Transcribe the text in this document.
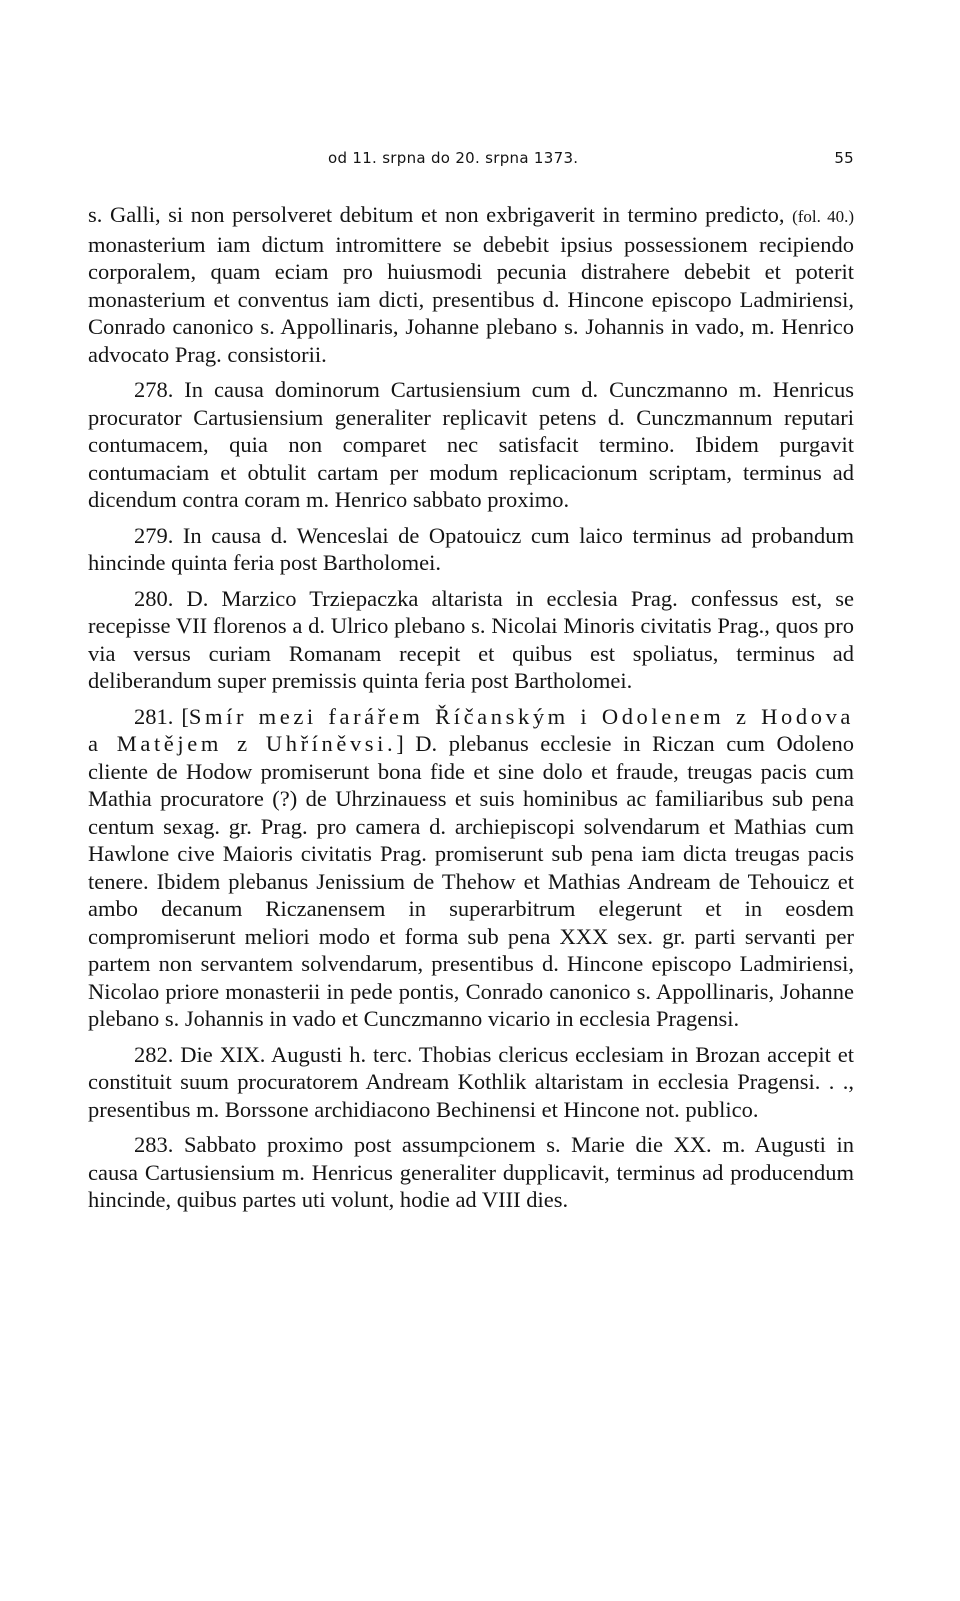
od 11. srpna do 20. srpna 1373.	55

s. Galli, si non persolveret debitum et non exbrigaverit in termino predicto, (fol. 40.) monasterium iam dictum intromittere se debebit ipsius possessionem recipiendo corporalem, quam eciam pro huiusmodi pecunia distrahere debebit et poterit monasterium et conventus iam dicti, presentibus d. Hincone episcopo Ladmiriensi, Conrado canonico s. Appollinaris, Johanne plebano s. Johannis in vado, m. Henrico advocato Prag. consistorii.

278. In causa dominorum Cartusiensium cum d. Cunczmanno m. Henricus procurator Cartusiensium generaliter replicavit petens d. Cunczmannum reputari contumacem, quia non comparet nec satisfacit termino. Ibidem purgavit contumaciam et obtulit cartam per modum replicacionum scriptam, terminus ad dicendum contra coram m. Henrico sabbato proximo.

279. In causa d. Wenceslai de Opatouicz cum laico terminus ad probandum hincinde quinta feria post Bartholomei.

280. D. Marzico Trziepaczka altarista in ecclesia Prag. confessus est, se recepisse VII florenos a d. Ulrico plebano s. Nicolai Minoris civitatis Prag., quos pro via versus curiam Romanam recepit et quibus est spoliatus, terminus ad deliberandum super premissis quinta feria post Bartholomei.

281. [Smír mezi farářem Říčanským i Odolenem z Hodova a Matějem z Uhříněvsi.] D. plebanus ecclesie in Riczan cum Odoleno cliente de Hodow promiserunt bona fide et sine dolo et fraude, treugas pacis cum Mathia procuratore (?) de Uhrzinauess et suis hominibus ac familiaribus sub pena centum sexag. gr. Prag. pro camera d. archiepiscopi solvendarum et Mathias cum Hawlone cive Maioris civitatis Prag. promiserunt sub pena iam dicta treugas pacis tenere. Ibidem plebanus Jenissium de Thehow et Mathias Andream de Tehouicz et ambo decanum Riczanensem in superarbitrum elegerunt et in eosdem compromiserunt meliori modo et forma sub pena XXX sex. gr. parti servanti per partem non servantem solvendarum, presentibus d. Hincone episcopo Ladmiriensi, Nicolao priore monasterii in pede pontis, Conrado canonico s. Appollinaris, Johanne plebano s. Johannis in vado et Cunczmanno vicario in ecclesia Pragensi.

282. Die XIX. Augusti h. terc. Thobias clericus ecclesiam in Brozan accepit et constituit suum procuratorem Andream Kothlik altaristam in ecclesia Pragensi. . ., presentibus m. Borssone archidiacono Bechinensi et Hincone not. publico.

283. Sabbato proximo post assumpcionem s. Marie die XX. m. Augusti in causa Cartusiensium m. Henricus generaliter dupplicavit, terminus ad producendum hincinde, quibus partes uti volunt, hodie ad VIII dies.
